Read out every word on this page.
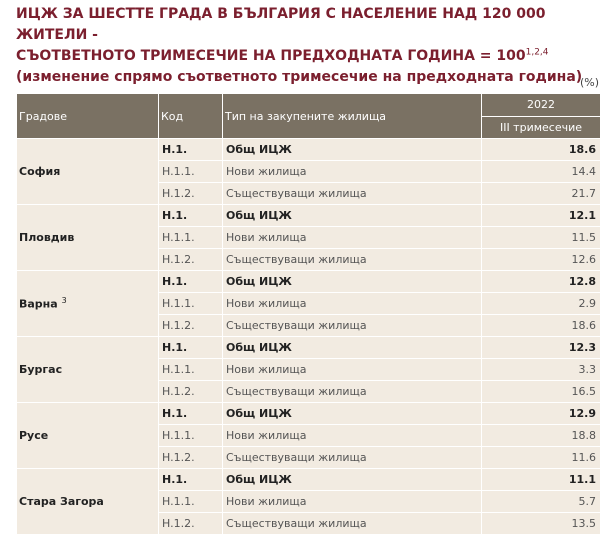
ИЦЖ ЗА ШЕСТТЕ ГРАДА В БЪЛГАРИЯ С НАСЕЛЕНИЕ НАД 120 000 ЖИТЕЛИ -
СЪОТВЕТНОТО ТРИМЕСЕЧИЕ НА ПРЕДХОДНАТА ГОДИНА = $100^{1,2,4}$
(изменение спрямо съответното тримесечие на предходната година)
(%)
Градове	Код	Тип на закупените жилища	2022
			III тримесечие
София	H.1.	Общ ИЦЖ	18.6
	H.1.1.	Нови жилища	14.4
	H.1.2.	Съществуващи жилища	21.7
Пловдив	H.1.	Общ ИЦЖ	12.1
	H.1.1.	Нови жилища	11.5
	H.1.2.	Съществуващи жилища	12.6
Варна $^3$	H.1.	Общ ИЦЖ	12.8
	H.1.1.	Нови жилища	2.9
	H.1.2.	Съществуващи жилища	18.6
Бургас	H.1.	Общ ИЦЖ	12.3
	H.1.1.	Нови жилища	3.3
	H.1.2.	Съществуващи жилища	16.5
Русе	H.1.	Общ ИЦЖ	12.9
	H.1.1.	Нови жилища	18.8
	H.1.2.	Съществуващи жилища	11.6
Стара Загора	H.1.	Общ ИЦЖ	11.1
	H.1.1.	Нови жилища	5.7
	H.1.2.	Съществуващи жилища	13.5
